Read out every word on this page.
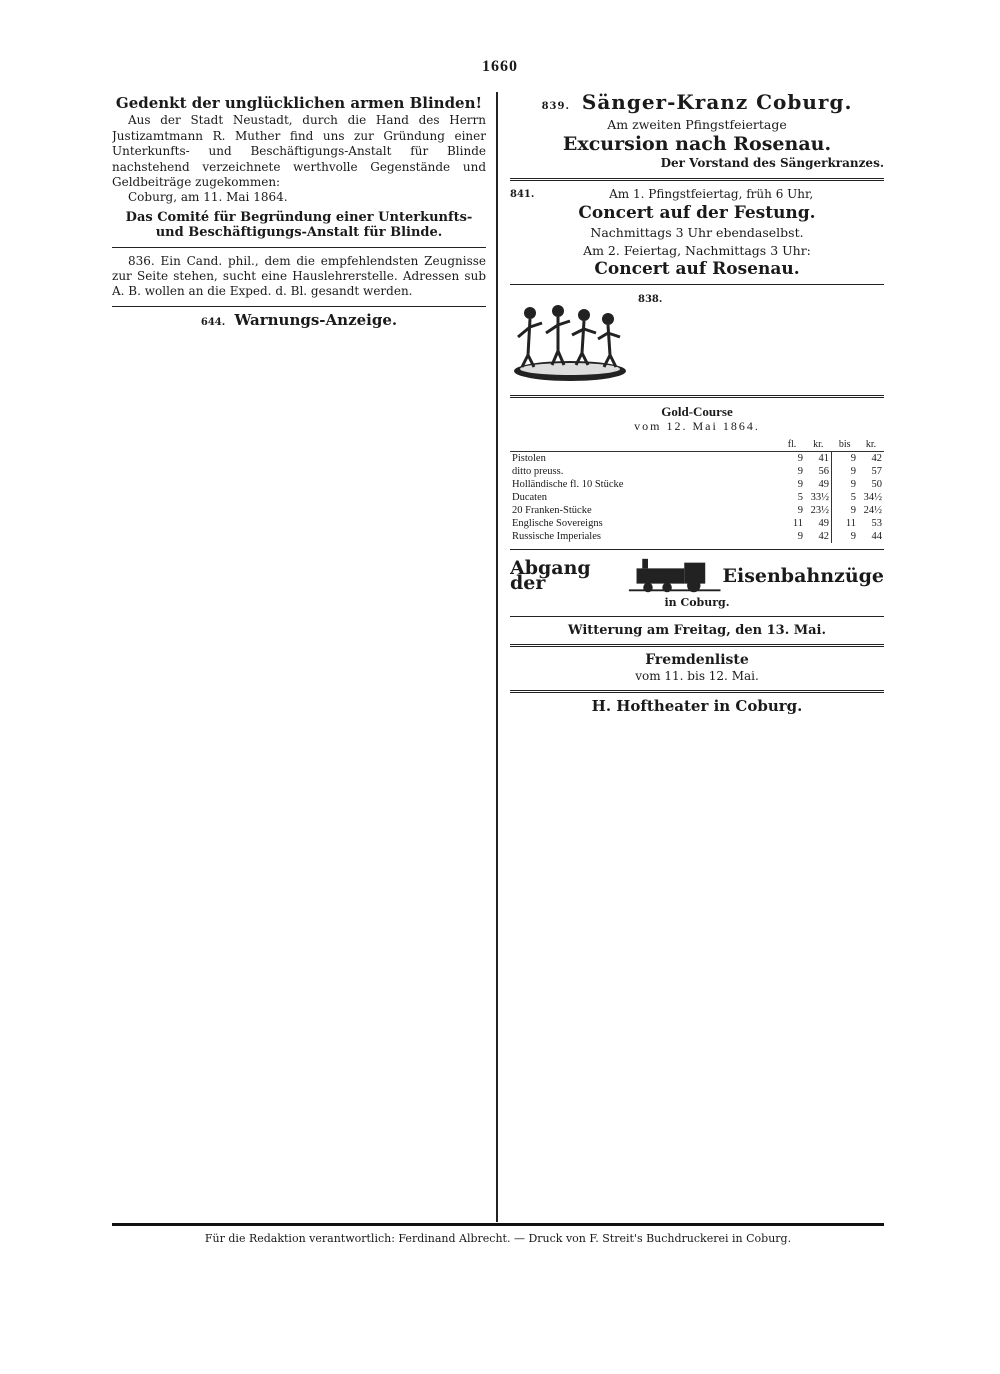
1660
Gedenkt der unglücklichen armen Blinden!

Aus der Stadt Neustadt, durch die Hand des Herrn Justizamtmann R. Muther find uns zur Gründung einer Unterkunfts- und Beschäftigungs-Anstalt für Blinde nachstehend verzeichnete werthvolle Gegenstände und Geldbeiträge zugekommen:

Coburg, am 11. Mai 1864.
Das Comité für Begründung einer Unterkunfts- und Beschäftigungs-Anstalt für Blinde.

836. Ein Cand. phil., dem die empfehlendsten Zeugnisse zur Seite stehen, sucht eine Hauslehrerstelle. Adressen sub A. B. wollen an die Exped. d. Bl. gesandt werden.

644. Warnungs-Anzeige.
839. Sänger-Kranz Coburg.
Am zweiten Pfingstfeiertage
Excursion nach Rosenau.
Der Vorstand des Sängerkranzes.
841.	Am 1. Pfingstfeiertag, früh 6 Uhr,
Concert auf der Festung.
Nachmittags 3 Uhr ebendaselbst.
Am 2. Feiertag, Nachmittags 3 Uhr:
Concert auf Rosenau.

838.

Gold-Course
vom 12. Mai 1864.
	fl.	kr.	bis	kr.
Pistolen	9	41	9	42
ditto preuss.	9	56	9	57
Holländische fl. 10 Stücke	9	49	9	50
Ducaten	5	33½	5	34½
20 Franken-Stücke	9	23½	9	24½
Englische Sovereigns	11	49	11	53
Russische Imperiales	9	42	9	44
Abgang der	Eisenbahnzüge
in Coburg.
Witterung am Freitag, den 13. Mai.
Fremdenliste
vom 11. bis 12. Mai.
H. Hoftheater in Coburg.
Für die Redaktion verantwortlich: Ferdinand Albrecht. — Druck von F. Streit's Buchdruckerei in Coburg.
